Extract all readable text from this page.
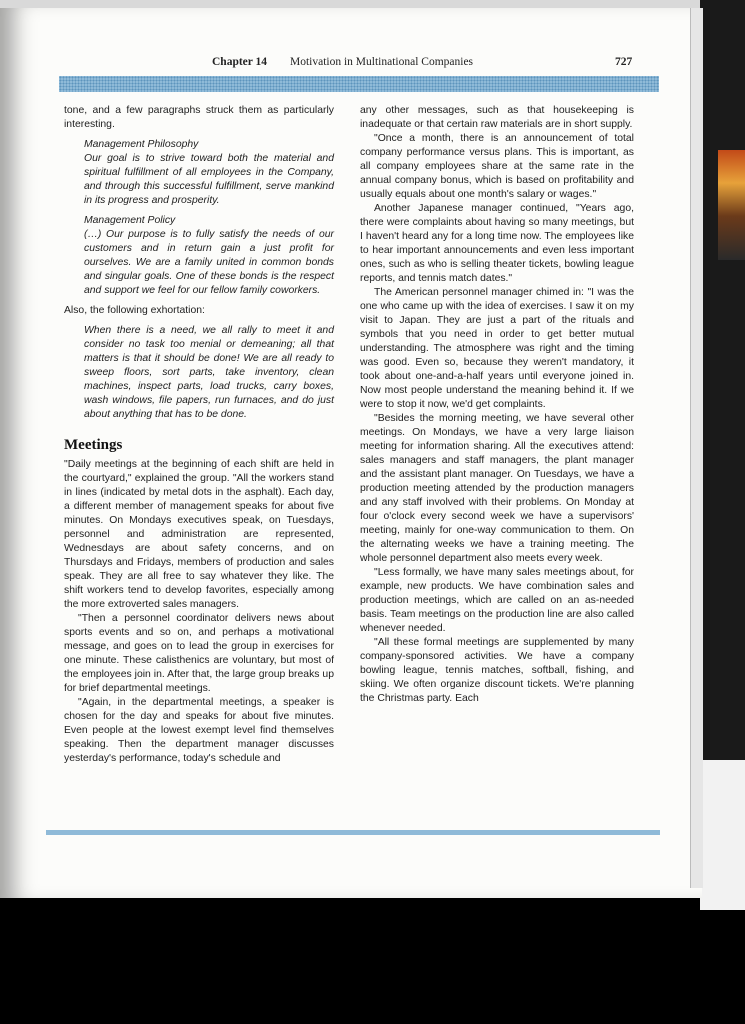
Chapter 14 Motivation in Multinational Companies	727

tone, and a few paragraphs struck them as particularly interesting.

Management Philosophy
Our goal is to strive toward both the material and spiritual fulfillment of all employees in the Company, and through this successful fulfillment, serve mankind in its progress and prosperity.

Management Policy
(…) Our purpose is to fully satisfy the needs of our customers and in return gain a just profit for ourselves. We are a family united in common bonds and singular goals. One of these bonds is the respect and support we feel for our fellow family coworkers.

Also, the following exhortation:

When there is a need, we all rally to meet it and consider no task too menial or demeaning; all that matters is that it should be done! We are all ready to sweep floors, sort parts, take inventory, clean machines, inspect parts, load trucks, carry boxes, wash windows, file papers, run furnaces, and do just about anything that has to be done.

Meetings

"Daily meetings at the beginning of each shift are held in the courtyard," explained the group. "All the workers stand in lines (indicated by metal dots in the asphalt). Each day, a different member of management speaks for about five minutes. On Mondays executives speak, on Tuesdays, personnel and administration are represented, Wednesdays are about safety concerns, and on Thursdays and Fridays, members of production and sales speak. They are all free to say whatever they like. The shift workers tend to develop favorites, especially among the more extroverted sales managers.

"Then a personnel coordinator delivers news about sports events and so on, and perhaps a motivational message, and goes on to lead the group in exercises for one minute. These calisthenics are voluntary, but most of the employees join in. After that, the large group breaks up for brief departmental meetings.

"Again, in the departmental meetings, a speaker is chosen for the day and speaks for about five minutes. Even people at the lowest exempt level find themselves speaking. Then the department manager discusses yesterday's performance, today's schedule and

any other messages, such as that housekeeping is inadequate or that certain raw materials are in short supply.

"Once a month, there is an announcement of total company performance versus plans. This is important, as all company employees share at the same rate in the annual company bonus, which is based on profitability and usually equals about one month's salary or wages."

Another Japanese manager continued, "Years ago, there were complaints about having so many meetings, but I haven't heard any for a long time now. The employees like to hear important announcements and even less important ones, such as who is selling theater tickets, bowling league reports, and tennis match dates."

The American personnel manager chimed in: "I was the one who came up with the idea of exercises. I saw it on my visit to Japan. They are just a part of the rituals and symbols that you need in order to get better mutual understanding. The atmosphere was right and the timing was good. Even so, because they weren't mandatory, it took about one-and-a-half years until everyone joined in. Now most people understand the meaning behind it. If we were to stop it now, we'd get complaints.

"Besides the morning meeting, we have several other meetings. On Mondays, we have a very large liaison meeting for information sharing. All the executives attend: sales managers and staff managers, the plant manager and the assistant plant manager. On Tuesdays, we have a production meeting attended by the production managers and any staff involved with their problems. On Monday at four o'clock every second week we have a supervisors' meeting, mainly for one-way communication to them. On the alternating weeks we have a training meeting. The whole personnel department also meets every week.

"Less formally, we have many sales meetings about, for example, new products. We have combination sales and production meetings, which are called on an as-needed basis. Team meetings on the production line are also called whenever needed.

"All these formal meetings are supplemented by many company-sponsored activities. We have a company bowling league, tennis matches, softball, fishing, and skiing. We often organize discount tickets. We're planning the Christmas party. Each
